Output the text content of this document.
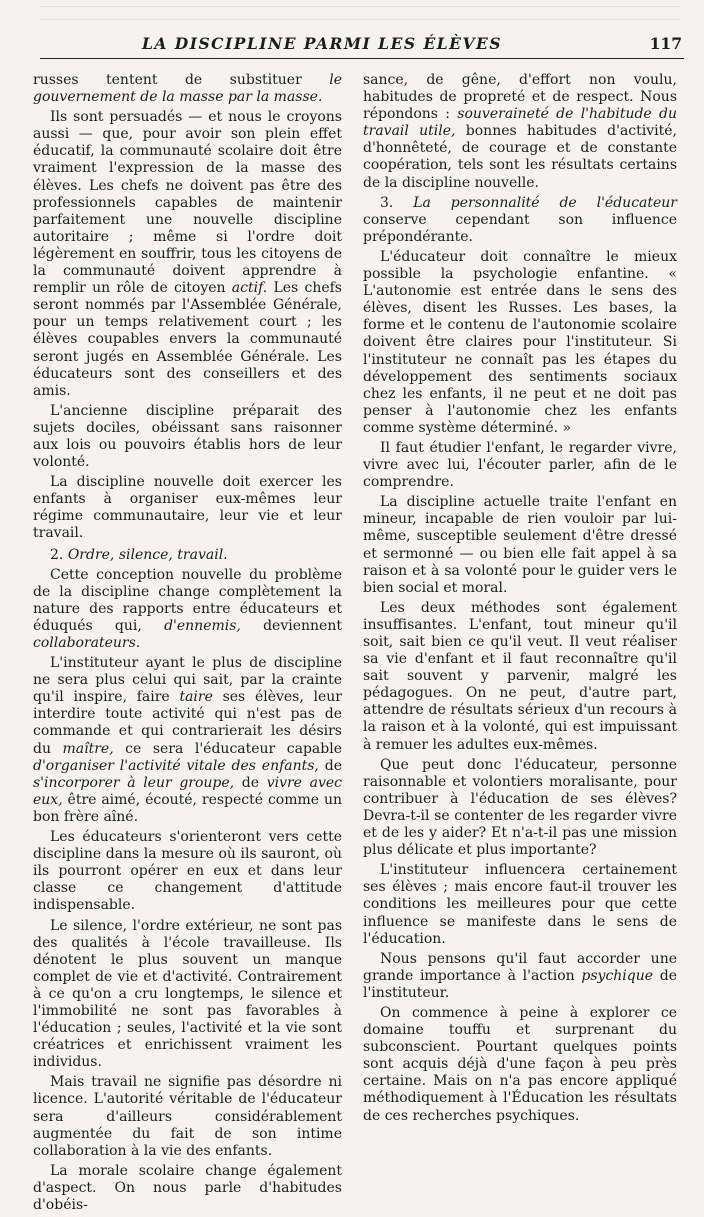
LA DISCIPLINE PARMI LES ÉLÈVES	117

russes tentent de substituer le gouvernement de la masse par la masse.

Ils sont persuadés — et nous le croyons aussi — que, pour avoir son plein effet éducatif, la communauté scolaire doit être vraiment l'expression de la masse des élèves. Les chefs ne doivent pas être des professionnels capables de maintenir parfaitement une nouvelle discipline autoritaire ; même si l'ordre doit légèrement en souffrir, tous les citoyens de la communauté doivent apprendre à remplir un rôle de citoyen actif. Les chefs seront nommés par l'Assemblée Générale, pour un temps relativement court ; les élèves coupables envers la communauté seront jugés en Assemblée Générale. Les éducateurs sont des conseillers et des amis.

L'ancienne discipline préparait des sujets dociles, obéissant sans raisonner aux lois ou pouvoirs établis hors de leur volonté.

La discipline nouvelle doit exercer les enfants à organiser eux-mêmes leur régime communautaire, leur vie et leur travail.

2. Ordre, silence, travail.

Cette conception nouvelle du problème de la discipline change complètement la nature des rapports entre éducateurs et éduqués qui, d'ennemis, deviennent collaborateurs.

L'instituteur ayant le plus de discipline ne sera plus celui qui sait, par la crainte qu'il inspire, faire taire ses élèves, leur interdire toute activité qui n'est pas de commande et qui contrarierait les désirs du maître, ce sera l'éducateur capable d'organiser l'activité vitale des enfants, de s'incorporer à leur groupe, de vivre avec eux, être aimé, écouté, respecté comme un bon frère aîné.

Les éducateurs s'orienteront vers cette discipline dans la mesure où ils sauront, où ils pourront opérer en eux et dans leur classe ce changement d'attitude indispensable.

Le silence, l'ordre extérieur, ne sont pas des qualités à l'école travailleuse. Ils dénotent le plus souvent un manque complet de vie et d'activité. Contrairement à ce qu'on a cru longtemps, le silence et l'immobilité ne sont pas favorables à l'éducation ; seules, l'activité et la vie sont créatrices et enrichissent vraiment les individus.

Mais travail ne signifie pas désordre ni licence. L'autorité véritable de l'éducateur sera d'ailleurs considérablement augmentée du fait de son intime collaboration à la vie des enfants.

La morale scolaire change également d'aspect. On nous parle d'habitudes d'obéis-

sance, de gêne, d'effort non voulu, habitudes de propreté et de respect. Nous répondons : souveraineté de l'habitude du travail utile, bonnes habitudes d'activité, d'honnêteté, de courage et de constante coopération, tels sont les résultats certains de la discipline nouvelle.

3. La personnalité de l'éducateur conserve cependant son influence prépondérante.

L'éducateur doit connaître le mieux possible la psychologie enfantine. « L'autonomie est entrée dans le sens des élèves, disent les Russes. Les bases, la forme et le contenu de l'autonomie scolaire doivent être claires pour l'instituteur. Si l'instituteur ne connaît pas les étapes du développement des sentiments sociaux chez les enfants, il ne peut et ne doit pas penser à l'autonomie chez les enfants comme système déterminé. »

Il faut étudier l'enfant, le regarder vivre, vivre avec lui, l'écouter parler, afin de le comprendre.

La discipline actuelle traite l'enfant en mineur, incapable de rien vouloir par lui-même, susceptible seulement d'être dressé et sermonné — ou bien elle fait appel à sa raison et à sa volonté pour le guider vers le bien social et moral.

Les deux méthodes sont également insuffisantes. L'enfant, tout mineur qu'il soit, sait bien ce qu'il veut. Il veut réaliser sa vie d'enfant et il faut reconnaître qu'il sait souvent y parvenir, malgré les pédagogues. On ne peut, d'autre part, attendre de résultats sérieux d'un recours à la raison et à la volonté, qui est impuissant à remuer les adultes eux-mêmes.

Que peut donc l'éducateur, personne raisonnable et volontiers moralisante, pour contribuer à l'éducation de ses élèves? Devra-t-il se contenter de les regarder vivre et de les y aider? Et n'a-t-il pas une mission plus délicate et plus importante?

L'instituteur influencera certainement ses élèves ; mais encore faut-il trouver les conditions les meilleures pour que cette influence se manifeste dans le sens de l'éducation.

Nous pensons qu'il faut accorder une grande importance à l'action psychique de l'instituteur.

On commence à peine à explorer ce domaine touffu et surprenant du subconscient. Pourtant quelques points sont acquis déjà d'une façon à peu près certaine. Mais on n'a pas encore appliqué méthodiquement à l'Éducation les résultats de ces recherches psychiques.
